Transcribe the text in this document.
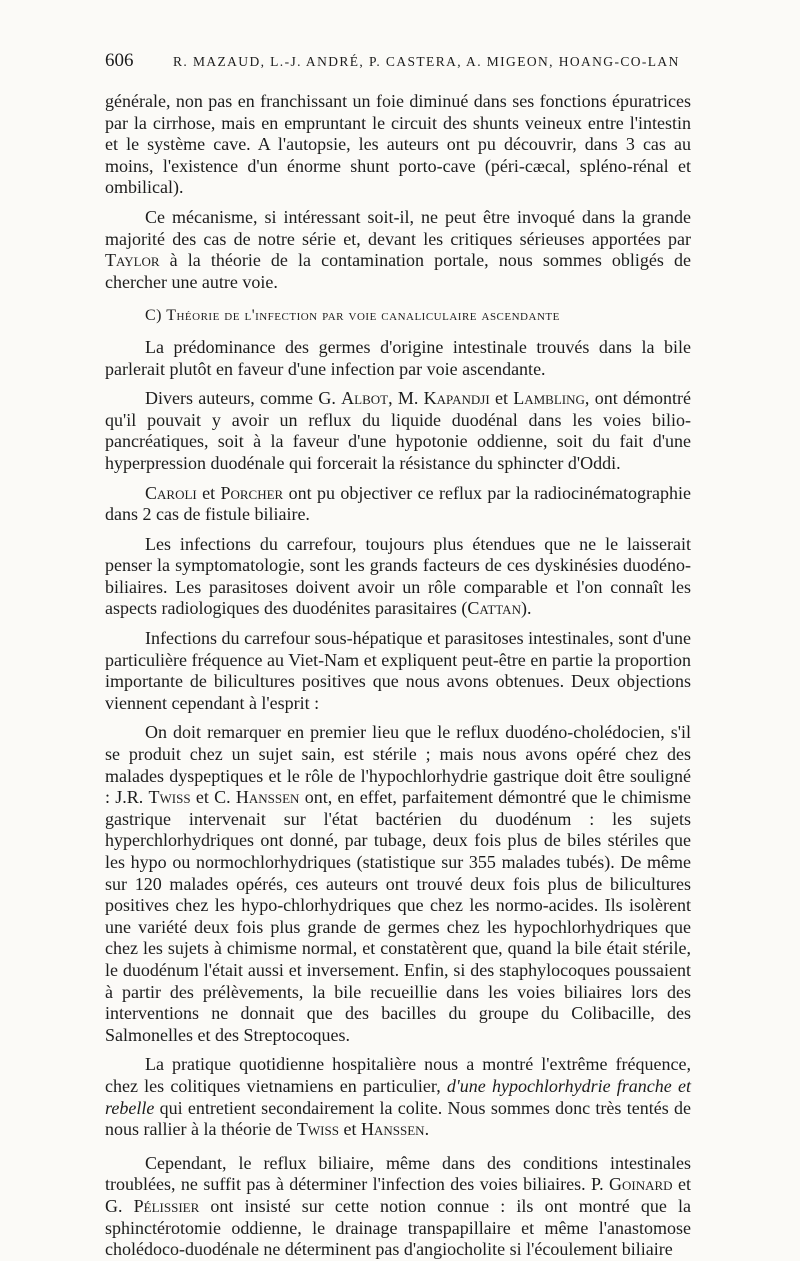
606	R. MAZAUD, L.-J. ANDRÉ, P. CASTERA, A. MIGEON, HOANG-CO-LAN

générale, non pas en franchissant un foie diminué dans ses fonctions épuratrices par la cirrhose, mais en empruntant le circuit des shunts veineux entre l'intestin et le système cave. A l'autopsie, les auteurs ont pu découvrir, dans 3 cas au moins, l'existence d'un énorme shunt porto-cave (péri-cæcal, spléno-rénal et ombilical).

Ce mécanisme, si intéressant soit-il, ne peut être invoqué dans la grande majorité des cas de notre série et, devant les critiques sérieuses apportées par Taylor à la théorie de la contamination portale, nous sommes obligés de chercher une autre voie.

C) Théorie de l'infection par voie canaliculaire ascendante

La prédominance des germes d'origine intestinale trouvés dans la bile parlerait plutôt en faveur d'une infection par voie ascendante.

Divers auteurs, comme G. Albot, M. Kapandji et Lambling, ont démontré qu'il pouvait y avoir un reflux du liquide duodénal dans les voies bilio-pancréatiques, soit à la faveur d'une hypotonie oddienne, soit du fait d'une hyperpression duodénale qui forcerait la résistance du sphincter d'Oddi.

Caroli et Porcher ont pu objectiver ce reflux par la radiocinématographie dans 2 cas de fistule biliaire.

Les infections du carrefour, toujours plus étendues que ne le laisserait penser la symptomatologie, sont les grands facteurs de ces dyskinésies duodéno-biliaires. Les parasitoses doivent avoir un rôle comparable et l'on connaît les aspects radiologiques des duodénites parasitaires (Cattan).

Infections du carrefour sous-hépatique et parasitoses intestinales, sont d'une particulière fréquence au Viet-Nam et expliquent peut-être en partie la proportion importante de bilicultures positives que nous avons obtenues. Deux objections viennent cependant à l'esprit :

On doit remarquer en premier lieu que le reflux duodéno-cholédocien, s'il se produit chez un sujet sain, est stérile ; mais nous avons opéré chez des malades dyspeptiques et le rôle de l'hypochlorhydrie gastrique doit être souligné : J.R. Twiss et C. Hanssen ont, en effet, parfaitement démontré que le chimisme gastrique intervenait sur l'état bactérien du duodénum : les sujets hyperchlorhydriques ont donné, par tubage, deux fois plus de biles stériles que les hypo ou normochlorhydriques (statistique sur 355 malades tubés). De même sur 120 malades opérés, ces auteurs ont trouvé deux fois plus de bilicultures positives chez les hypo-chlorhydriques que chez les normo-acides. Ils isolèrent une variété deux fois plus grande de germes chez les hypochlorhydriques que chez les sujets à chimisme normal, et constatèrent que, quand la bile était stérile, le duodénum l'était aussi et inversement. Enfin, si des staphylocoques poussaient à partir des prélèvements, la bile recueillie dans les voies biliaires lors des interventions ne donnait que des bacilles du groupe du Colibacille, des Salmonelles et des Streptocoques.

La pratique quotidienne hospitalière nous a montré l'extrême fréquence, chez les colitiques vietnamiens en particulier, d'une hypochlorhydrie franche et rebelle qui entretient secondairement la colite. Nous sommes donc très tentés de nous rallier à la théorie de Twiss et Hanssen.

Cependant, le reflux biliaire, même dans des conditions intestinales troublées, ne suffit pas à déterminer l'infection des voies biliaires. P. Goinard et G. Pélissier ont insisté sur cette notion connue : ils ont montré que la sphinctérotomie oddienne, le drainage transpapillaire et même l'anastomose cholédoco-duodénale ne déterminent pas d'angiocholite si l'écoulement biliaire
